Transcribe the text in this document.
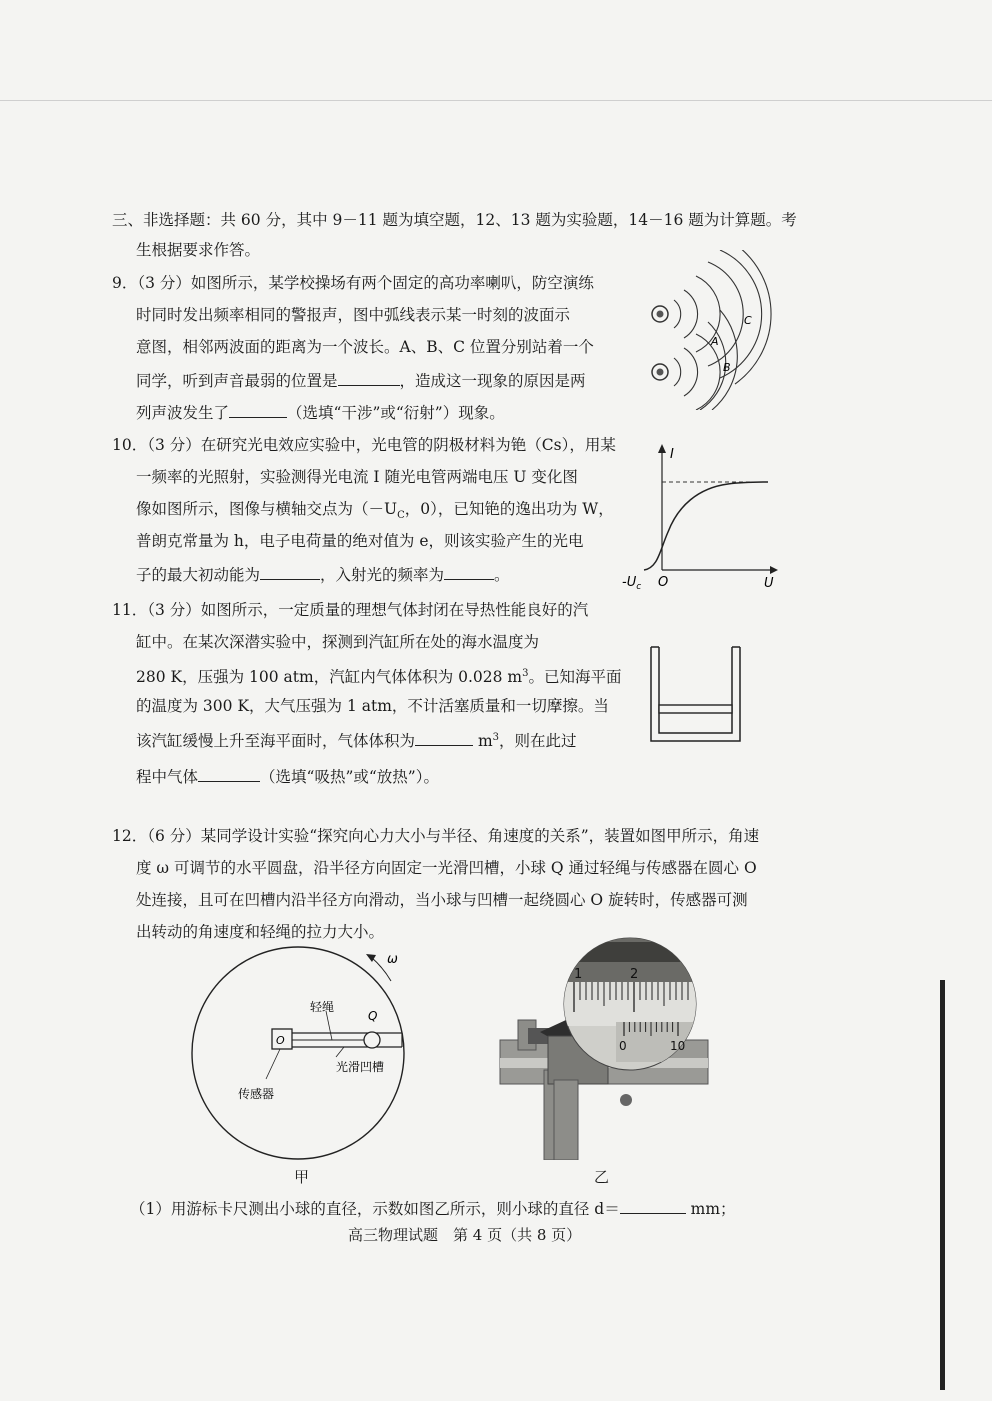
三、非选择题：共 60 分，其中 9－11 题为填空题，12、13 题为实验题，14－16 题为计算题。考
生根据要求作答。
9．（3 分）如图所示，某学校操场有两个固定的高功率喇叭，防空演练
时同时发出频率相同的警报声，图中弧线表示某一时刻的波面示
意图，相邻两波面的距离为一个波长。A、B、C 位置分别站着一个
同学，听到声音最弱的位置是	，造成这一现象的原因是两
列声波发生了	（选填“干涉”或“衍射”）现象。
A
B
C
10．（3 分）在研究光电效应实验中，光电管的阴极材料为铯（Cs），用某
一频率的光照射，实验测得光电流 I 随光电管两端电压 U 变化图
像如图所示，图像与横轴交点为（$-U_C$，0），已知铯的逸出功为 W，
普朗克常量为 h，电子电荷量的绝对值为 e，则该实验产生的光电
子的最大初动能为	，入射光的频率为	。
I
U
O
$-U_c$
11．（3 分）如图所示，一定质量的理想气体封闭在导热性能良好的汽
缸中。在某次深潜实验中，探测到汽缸所在处的海水温度为
280 K，压强为 100 atm，汽缸内气体体积为 0.028 $m^3$。已知海平面
的温度为 300 K，大气压强为 1 atm，不计活塞质量和一切摩擦。当
该汽缸缓慢上升至海平面时，气体体积为	$m^3$，则在此过
程中气体	（选填“吸热”或“放热”）。
12．（6 分）某同学设计实验“探究向心力大小与半径、角速度的关系”，装置如图甲所示，角速
度 ω 可调节的水平圆盘，沿半径方向固定一光滑凹槽，小球 Q 通过轻绳与传感器在圆心 O
处连接，且可在凹槽内沿半径方向滑动，当小球与凹槽一起绕圆心 O 旋转时，传感器可测
出转动的角速度和轻绳的拉力大小。
ω
O
Q
轻绳
光滑凹槽
传感器
甲
1	2
0	10
乙
（1）用游标卡尺测出小球的直径，示数如图乙所示，则小球的直径 d＝	mm；
高三物理试题　第 4 页（共 8 页）
